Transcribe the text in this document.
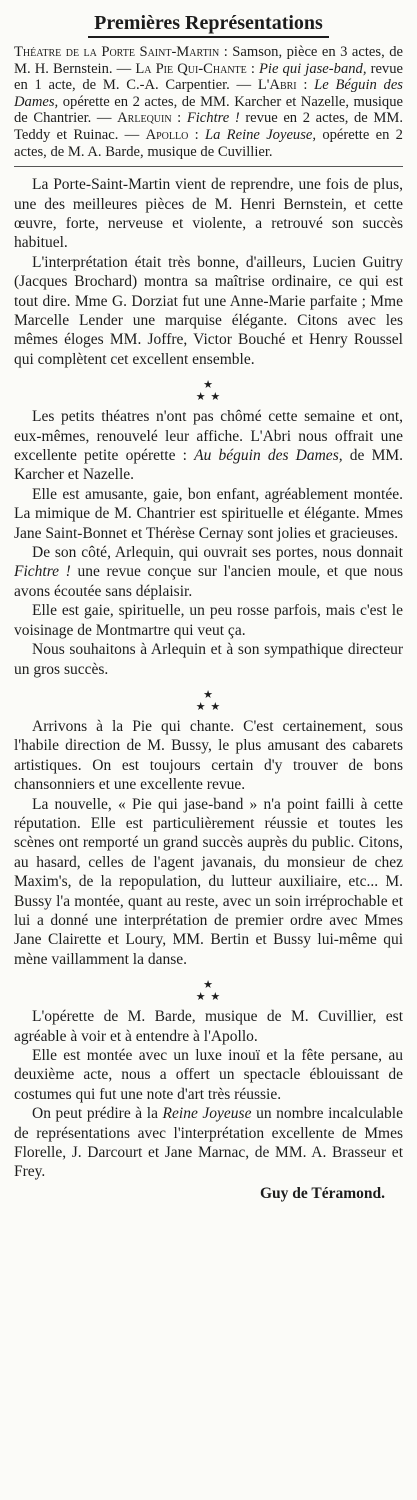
Premières Représentations
Théatre de la Porte Saint-Martin : Samson, pièce en 3 actes, de M. H. Bernstein. — La Pie Qui-Chante : Pie qui jase-band, revue en 1 acte, de M. C.-A. Carpentier. — L'Abri : Le Béguin des Dames, opérette en 2 actes, de MM. Karcher et Nazelle, musique de Chantrier. — Arlequin : Fichtre ! revue en 2 actes, de MM. Teddy et Ruinac. — Apollo : La Reine Joyeuse, opérette en 2 actes, de M. A. Barde, musique de Cuvillier.

La Porte-Saint-Martin vient de reprendre, une fois de plus, une des meilleures pièces de M. Henri Bernstein, et cette œuvre, forte, nerveuse et violente, a retrouvé son succès habituel.

L'interprétation était très bonne, d'ailleurs, Lucien Guitry (Jacques Brochard) montra sa maîtrise ordinaire, ce qui est tout dire. Mme G. Dorziat fut une Anne-Marie parfaite ; Mme Marcelle Lender une marquise élégante. Citons avec les mêmes éloges MM. Joffre, Victor Bouché et Henry Roussel qui complètent cet excellent ensemble.

★
★ ★

Les petits théatres n'ont pas chômé cette semaine et ont, eux-mêmes, renouvelé leur affiche. L'Abri nous offrait une excellente petite opérette : Au béguin des Dames, de MM. Karcher et Nazelle.

Elle est amusante, gaie, bon enfant, agréablement montée. La mimique de M. Chantrier est spirituelle et élégante. Mmes Jane Saint-Bonnet et Thérèse Cernay sont jolies et gracieuses.

De son côté, Arlequin, qui ouvrait ses portes, nous donnait Fichtre ! une revue conçue sur l'ancien moule, et que nous avons écoutée sans déplaisir.

Elle est gaie, spirituelle, un peu rosse parfois, mais c'est le voisinage de Montmartre qui veut ça.

Nous souhaitons à Arlequin et à son sympathique directeur un gros succès.

★
★ ★

Arrivons à la Pie qui chante. C'est certainement, sous l'habile direction de M. Bussy, le plus amusant des cabarets artistiques. On est toujours certain d'y trouver de bons chansonniers et une excellente revue.

La nouvelle, « Pie qui jase-band » n'a point failli à cette réputation. Elle est particulièrement réussie et toutes les scènes ont remporté un grand succès auprès du public. Citons, au hasard, celles de l'agent javanais, du monsieur de chez Maxim's, de la repopulation, du lutteur auxiliaire, etc... M. Bussy l'a montée, quant au reste, avec un soin irréprochable et lui a donné une interprétation de premier ordre avec Mmes Jane Clairette et Loury, MM. Bertin et Bussy lui-même qui mène vaillamment la danse.

★
★ ★

L'opérette de M. Barde, musique de M. Cuvillier, est agréable à voir et à entendre à l'Apollo.

Elle est montée avec un luxe inouï et la fête persane, au deuxième acte, nous a offert un spectacle éblouissant de costumes qui fut une note d'art très réussie.

On peut prédire à la Reine Joyeuse un nombre incalculable de représentations avec l'interprétation excellente de Mmes Florelle, J. Darcourt et Jane Marnac, de MM. A. Brasseur et Frey.

Guy de Téramond.
